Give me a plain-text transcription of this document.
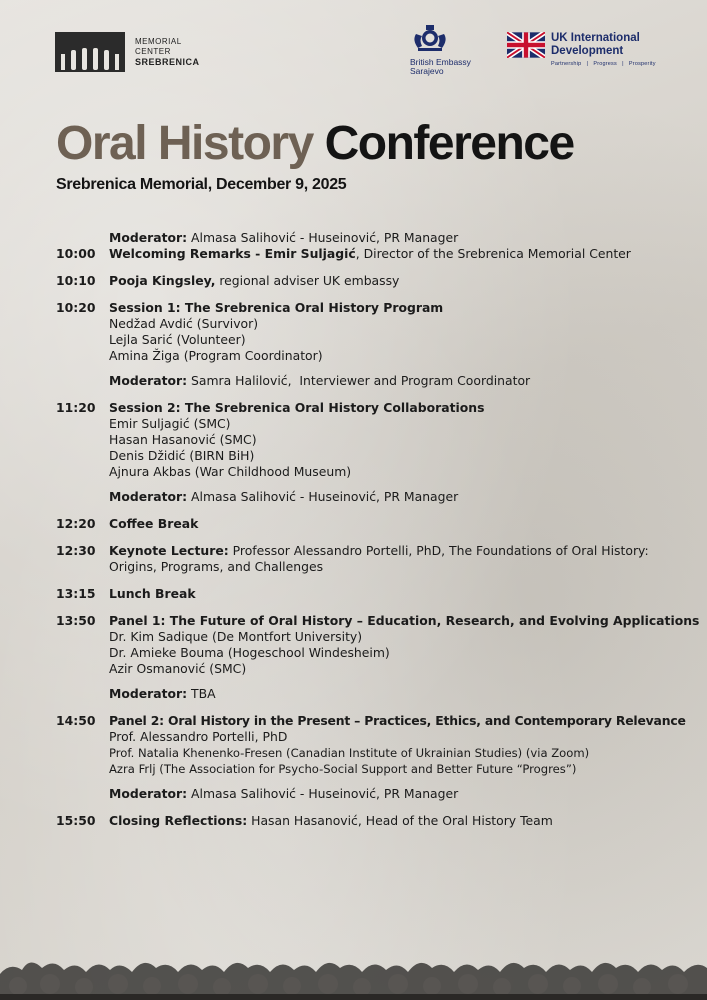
MEMORIAL
CENTER
SREBRENICA	British Embassy
Sarajevo
UK International
Development
Partnership   |   Progress   |   Prosperity
Oral History Conference
Srebrenica Memorial, December 9, 2025
Moderator: Almasa Salihović - Huseinović, PR Manager
10:00 Welcoming Remarks - Emir Suljagić, Director of the Srebrenica Memorial Center
10:10 Pooja Kingsley, regional adviser UK embassy
10:20 Session 1: The Srebrenica Oral History Program
Nedžad Avdić (Survivor)
Lejla Sarić (Volunteer)
Amina Žiga (Program Coordinator)
Moderator: Samra Halilović,  Interviewer and Program Coordinator
11:20 Session 2: The Srebrenica Oral History Collaborations
Emir Suljagić (SMC)
Hasan Hasanović (SMC)
Denis Džidić (BIRN BiH)
Ajnura Akbas (War Childhood Museum)
Moderator: Almasa Salihović - Huseinović, PR Manager
12:20 Coffee Break
12:30 Keynote Lecture: Professor Alessandro Portelli, PhD, The Foundations of Oral History:
Origins, Programs, and Challenges
13:15 Lunch Break
13:50 Panel 1: The Future of Oral History – Education, Research, and Evolving Applications
Dr. Kim Sadique (De Montfort University)
Dr. Amieke Bouma (Hogeschool Windesheim)
Azir Osmanović (SMC)
Moderator: TBA
14:50 Panel 2: Oral History in the Present – Practices, Ethics, and Contemporary Relevance
Prof. Alessandro Portelli, PhD
Prof. Natalia Khenenko-Fresen (Canadian Institute of Ukrainian Studies) (via Zoom)
Azra Frlj (The Association for Psycho-Social Support and Better Future “Progres”)
Moderator: Almasa Salihović - Huseinović, PR Manager
15:50 Closing Reflections: Hasan Hasanović, Head of the Oral History Team
